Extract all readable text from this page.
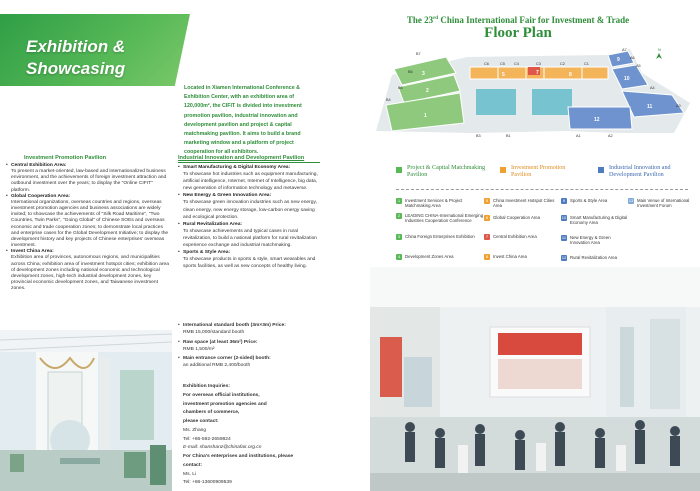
Exhibition &
Showcasing
Located in Xiamen International Conference & Exhibition Center, with an exhibition area of 120,000m², the CIFIT is divided into investment promotion pavilion, industrial innovation and development pavilion and project & capital matchmaking pavilion. It aims to build a brand marketing window and a platform of project cooperation for all exhibitors.
Investment Promotion Pavilion
• Central Exhibition Area:
To present a market-oriented, law-based and internationalized business environment, and the achievements of foreign investment attraction and outbound investment over the years; to display the "Online CIFIT" platform.
• Global Cooperation Area:
International organizations, overseas countries and regions, overseas investment promotion agencies and business associations are widely invited; to showcase the achievements of "Silk Road Maritime", "Two Countries, Twin Parks", "Going Global" of Chinese SOEs and overseas economic and trade cooperation zones; to demonstrate local practices and enterprise cases for the Global Development Initiative; to display the development history and key projects of Chinese enterprises' overseas investment.
• Invest China Area:
Exhibition area of provinces, autonomous regions, and municipalities across China; exhibition area of investment hotspot cities; exhibition area of development zones including national economic and technological development zones, high-tech industrial development zones, key provincial economic development zones, and Taiwanese investment zones.
Industrial Innovation and Development Pavilion
• Smart Manufacturing & Digital Economy Area:
To showcase hot industries such as equipment manufacturing, artificial intelligence, Internet, Internet of Intelligence, big data, new generation of information technology and metaverse.
• New Energy & Green Innovation Area:
To showcase green innovation industries such as new energy, clean energy, new energy storage, low-carbon energy saving and ecological protection.
• Rural Revitalization Area:
To showcase achievements and typical cases in rural revitalization, to build a national platform for rural revitalization experience exchange and industrial matchmaking.
• Sports & Style Area:
To showcase products in sports & style, smart wearables and sports facilities, as well as new concepts of healthy living.
• International standard booth (3m×3m) Price:
RMB 15,000/standard booth
• Raw space (at least 36m²) Price:
RMB 1,500/m²
• Main entrance corner (2-sided) booth:
an additional RMB 2,400/booth
Exhibition Inquiries:
For overseas official institutions,
investment promotion agencies and
chambers of commerce,
please contact:
Ms. Zhang
Tel: +86-592-2659824
E-mail: shanshanz@chinafair.org.cn
For China's enterprises and institutions, please
contact:
Ms. Li
Tel: +86-13600909539
The 23rd China International Fair for Investment & Trade
Floor Plan
3
2
1
5	7	8
9
10
11
12
B7
B6
B5
B4
C6	C5 C4	C3	C2	C1
A7
A6
A5
A4
A3
B3	B1	A1	A2
N
Project & Capital Matchmaking Pavilion
Investment Promotion Pavilion
Industrial Innovation and Development Pavilion
1	Investment Services & Project Matchmaking Area
2	LEADING CHINA-International Emerging Industries Cooperation Conference
3	China Foreign Enterprises Exhibition
4	Development Zones Area
5	China Investment Hotspot Cities Area
6	Global Cooperation Area
7	Central Exhibition Area
8	Invest China Area
9	Sports & Style Area
10 Smart Manufacturing & Digital Economy Area
11 New Energy & Green Innovation Area
12 Rural Revitalization Area
13 Main Venue of International Investment Forum
